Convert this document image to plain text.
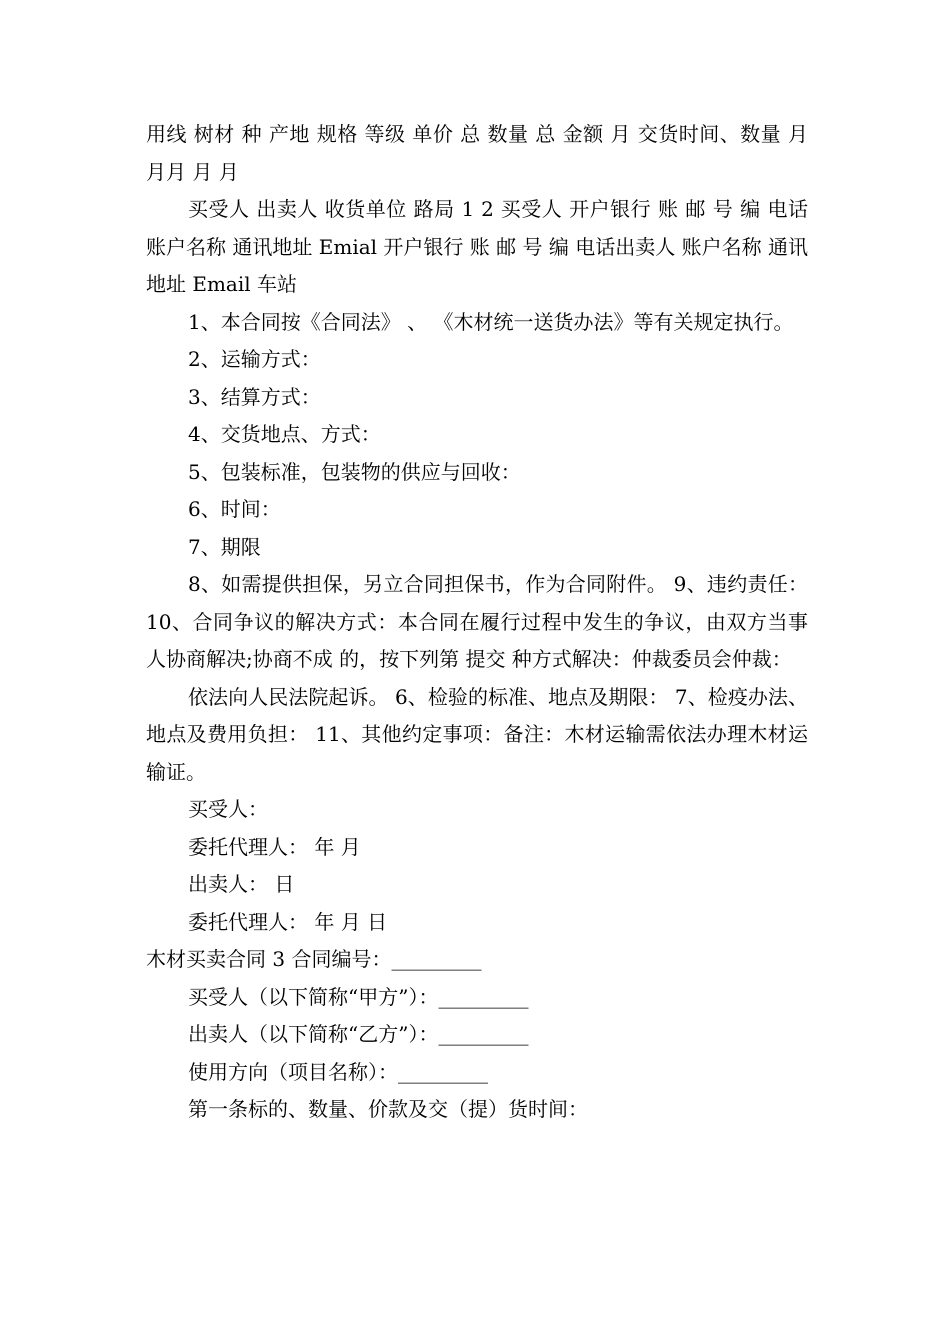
用线 树材 种 产地 规格 等级 单价 总 数量 总 金额 月 交货时间、数量 月 月月 月 月

买受人 出卖人 收货单位 路局 1 2 买受人 开户银行 账 邮 号 编 电话 账户名称 通讯地址 Emial 开户银行 账 邮 号 编 电话出卖人 账户名称 通讯地址 Email 车站

1、本合同按《合同法》 、 《木材统一送货办法》等有关规定执行。

2、运输方式：

3、结算方式：

4、交货地点、方式：

5、包装标准，包装物的供应与回收：

6、时间：

7、期限

8、如需提供担保，另立合同担保书，作为合同附件。 9、违约责任：10、合同争议的解决方式：本合同在履行过程中发生的争议，由双方当事人协商解决;协商不成 的，按下列第 提交 种方式解决：仲裁委员会仲裁：

依法向人民法院起诉。 6、检验的标准、地点及期限： 7、检疫办法、地点及费用负担： 11、其他约定事项：备注：木材运输需依法办理木材运输证。

买受人：

委托代理人： 年 月

出卖人： 日

委托代理人： 年 月 日

木材买卖合同 3 合同编号：_________

买受人（以下简称“甲方”）：_________

出卖人（以下简称“乙方”）：_________

使用方向（项目名称）：_________

第一条标的、数量、价款及交（提）货时间：
